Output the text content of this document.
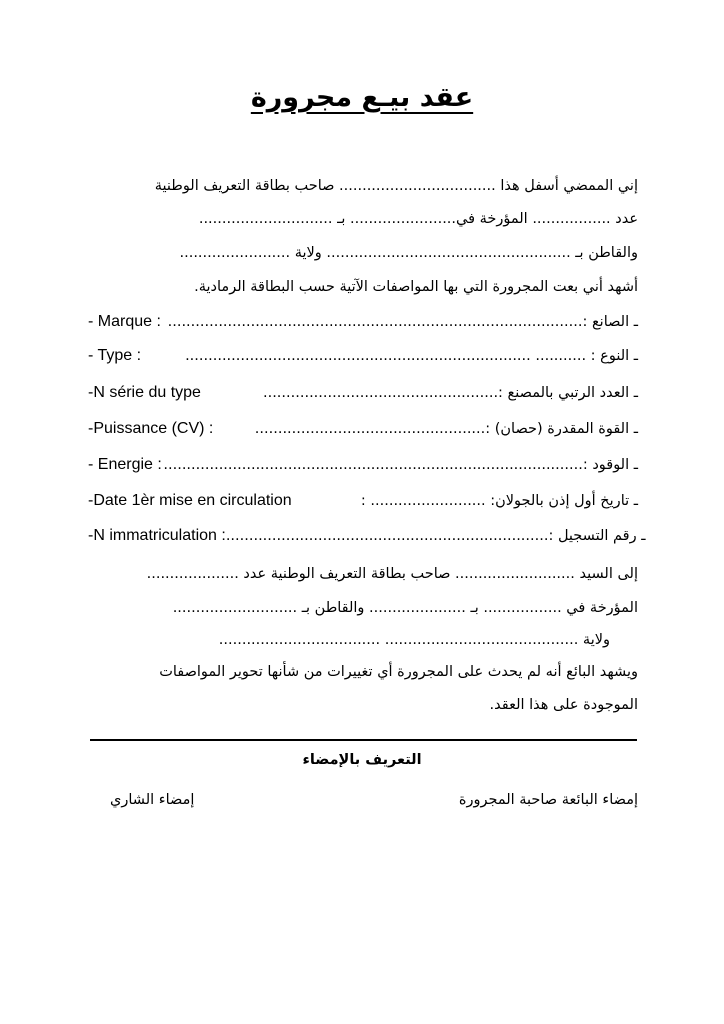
عقد بيـع مجرورة
إني الممضي أسفل هذا .................................. صاحب بطاقة التعريف الوطنية
عدد ................. المؤرخة في....................... بـ .............................
والقاطن بـ ..................................................... ولاية ........................
أشهد أني بعت المجرورة التي بها المواصفات الآتية حسب البطاقة الرمادية.
- Marque : ـ الصانع :..........................................................................................
- Type :	ـ النوع : ........... ...........................................................................
-N série du type	ـ العدد الرتبي بالمصنع :...................................................
-Puissance (CV) :	ـ القوة المقدرة (حصان) :..................................................
- Energie : ـ الوقود :...........................................................................................
-Date 1èr mise en circulation	ـ تاريخ أول إذن بالجولان: ......................... :
-N immatriculation : ـ رقم التسجيل :......................................................................
إلى السيد .......................... صاحب بطاقة التعريف الوطنية عدد ....................
المؤرخة في ................. بـ ..................... والقاطن بـ ...........................
ولاية .......................................... ...................................
ويشهد البائع أنه لم يحدث على المجرورة أي تغييرات من شأنها تحوير المواصفات
الموجودة على هذا العقد.
التعريف بالإمضاء
إمضاء البائعة صاحبة المجرورة
إمضاء الشاري
